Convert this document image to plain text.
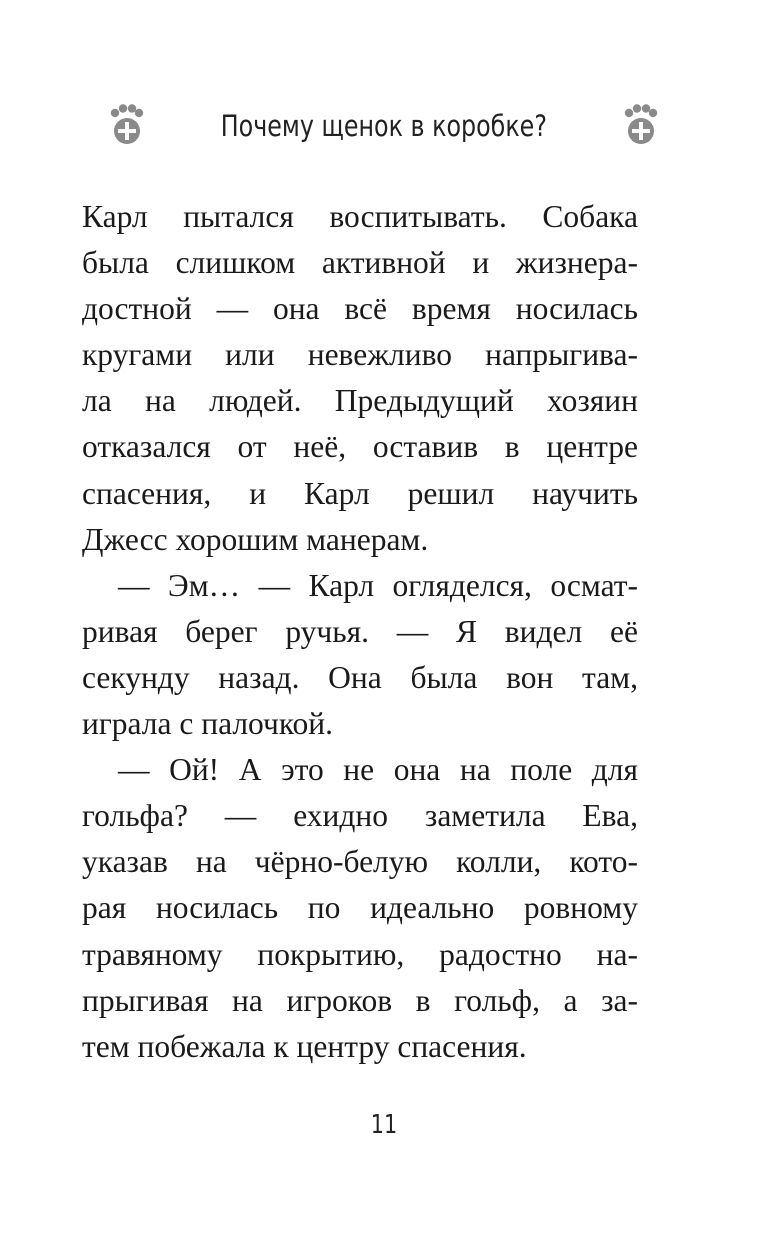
Почему щенок в коробке?

Карл пытался воспитывать. Собака
была слишком активной и жизнера-
достной — она всё время носилась
кругами или невежливо напрыгива-
ла на людей. Предыдущий хозяин
отказался от неё, оставив в центре
спасения, и Карл решил научить
Джесс хорошим манерам.

— Эм… — Карл огляделся, осмат-
ривая берег ручья. — Я видел её
секунду назад. Она была вон там,
играла с палочкой.

— Ой! А это не она на поле для
гольфа? — ехидно заметила Ева,
указав на чёрно-белую колли, кото-
рая носилась по идеально ровному
травяному покрытию, радостно на-
прыгивая на игроков в гольф, а за-
тем побежала к центру спасения.

11
